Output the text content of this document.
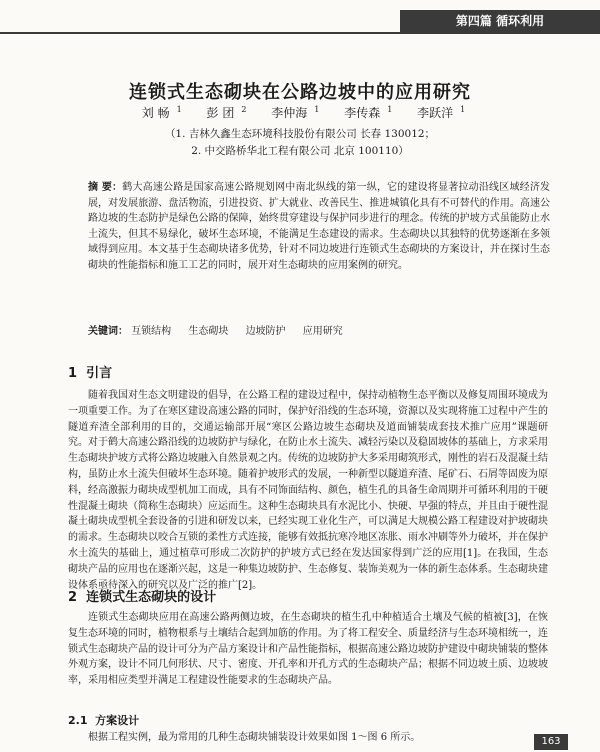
第四篇 循环利用
连锁式生态砌块在公路边坡中的应用研究
刘 畅 $^1$ 彭 团 $^2$ 李仲海 $^1$ 李传森 $^1$ 李跃洋 $^1$
（1. 吉林久鑫生态环境科技股份有限公司 长春 130012；
2. 中交路桥华北工程有限公司 北京 100110）
摘 要：鹤大高速公路是国家高速公路规划网中南北纵线的第一纵，它的建设将显著拉动沿线区域经济发展，对发展旅游、盘活物流，引进投资、扩大就业、改善民生、推进城镇化具有不可替代的作用。高速公路边坡的生态防护是绿色公路的保障，始终贯穿建设与保护同步进行的理念。传统的护坡方式虽能防止水土流失，但其不易绿化，破坏生态环境，不能满足生态建设的需求。生态砌块以其独特的优势逐渐在多领域得到应用。本文基于生态砌块诸多优势，针对不同边坡进行连锁式生态砌块的方案设计，并在探讨生态砌块的性能指标和施工工艺的同时，展开对生态砌块的应用案例的研究。
关键词： 互锁结构 生态砌块 边坡防护 应用研究
1 引言
随着我国对生态文明建设的倡导，在公路工程的建设过程中，保持动植物生态平衡以及修复周围环境成为一项重要工作。为了在寒区建设高速公路的同时，保护好沿线的生态环境，资源以及实现将施工过程中产生的隧道弃渣全部利用的目的，交通运输部开展“寒区公路边坡生态砌块及道面铺装成套技术推广应用”课题研究。对于鹤大高速公路沿线的边坡防护与绿化，在防止水土流失、减轻污染以及稳固坡体的基础上，方求采用生态砌块护坡方式将公路边坡融入自然景观之内。传统的边坡防护大多采用砌筑形式，刚性的岩石及混凝土结构，虽防止水土流失但破坏生态环境。随着护坡形式的发展，一种新型以隧道弃渣、尾矿石、石屑等固废为原料，经高激振力砌块成型机加工而成，具有不同饰面结构、颜色，植生孔的具备生命周期并可循环利用的干硬性混凝土砌块（简称生态砌块）应运而生。这种生态砌块具有水泥比小、快硬、早强的特点，并且由于硬性混凝土砌块成型机全套设备的引进和研发以来，已经实现工业化生产，可以满足大规模公路工程建设对护坡砌块的需求。生态砌块以咬合互锁的柔性方式连接，能够有效抵抗寒冷地区冻胀、雨水冲刷等外力破坏，并在保护水土流失的基础上，通过植草可形成二次防护的护坡方式已经在发达国家得到广泛的应用[1]。在我国，生态砌块产品的应用也在逐渐兴起，这是一种集边坡防护、生态修复、装饰美观为一体的新生态体系。生态砌块建设体系亟待深入的研究以及广泛的推广[2]。
2 连锁式生态砌块的设计
连锁式生态砌块应用在高速公路两侧边坡，在生态砌块的植生孔中种植适合土壤及气候的植被[3]，在恢复生态环境的同时，植物根系与土壤结合起到加筋的作用。为了将工程安全、质量经济与生态环境相统一，连锁式生态砌块产品的设计可分为产品方案设计和产品性能指标，根据高速公路边坡防护建设中砌块铺装的整体外观方案，设计不同几何形状、尺寸、密度、开孔率和开孔方式的生态砌块产品；根据不同边坡土质、边坡坡率，采用相应类型并满足工程建设性能要求的生态砌块产品。
2.1 方案设计
根据工程实例，最为常用的几种生态砌块铺装设计效果如图 1～图 6 所示。	163
